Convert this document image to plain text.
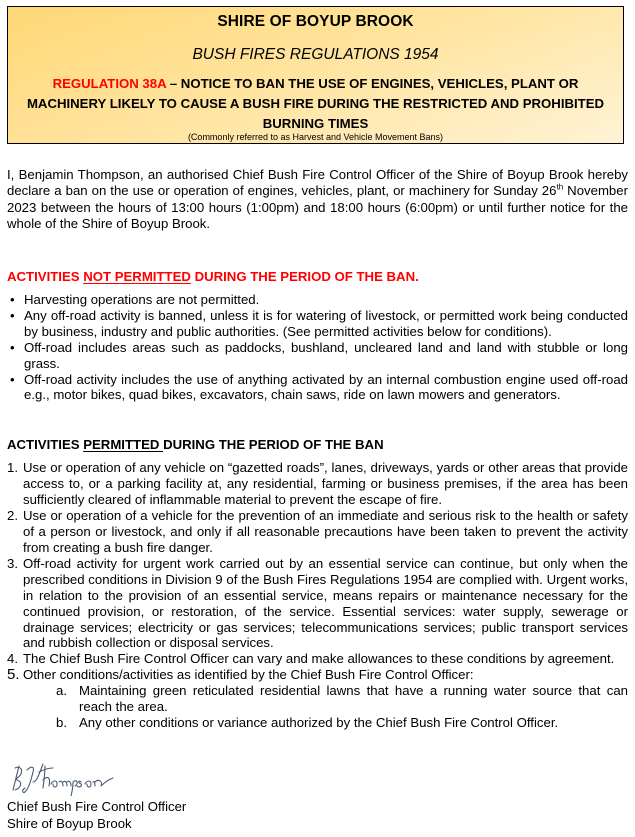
SHIRE OF BOYUP BROOK
BUSH FIRES REGULATIONS 1954
REGULATION 38A – NOTICE TO BAN THE USE OF ENGINES, VEHICLES, PLANT OR MACHINERY LIKELY TO CAUSE A BUSH FIRE DURING THE RESTRICTED AND PROHIBITED BURNING TIMES
(Commonly referred to as Harvest and Vehicle Movement Bans)
I, Benjamin Thompson, an authorised Chief Bush Fire Control Officer of the Shire of Boyup Brook hereby declare a ban on the use or operation of engines, vehicles, plant, or machinery for Sunday 26th November 2023 between the hours of 13:00 hours (1:00pm) and 18:00 hours (6:00pm) or until further notice for the whole of the Shire of Boyup Brook.
ACTIVITIES NOT PERMITTED DURING THE PERIOD OF THE BAN.
• Harvesting operations are not permitted.
• Any off-road activity is banned, unless it is for watering of livestock, or permitted work being conducted by business, industry and public authorities. (See permitted activities below for conditions).
• Off-road includes areas such as paddocks, bushland, uncleared land and land with stubble or long grass.
• Off-road activity includes the use of anything activated by an internal combustion engine used off-road e.g., motor bikes, quad bikes, excavators, chain saws, ride on lawn mowers and generators.
ACTIVITIES PERMITTED DURING THE PERIOD OF THE BAN
1. Use or operation of any vehicle on “gazetted roads”, lanes, driveways, yards or other areas that provide access to, or a parking facility at, any residential, farming or business premises, if the area has been sufficiently cleared of inflammable material to prevent the escape of fire.
2. Use or operation of a vehicle for the prevention of an immediate and serious risk to the health or safety of a person or livestock, and only if all reasonable precautions have been taken to prevent the activity from creating a bush fire danger.
3. Off-road activity for urgent work carried out by an essential service can continue, but only when the prescribed conditions in Division 9 of the Bush Fires Regulations 1954 are complied with. Urgent works, in relation to the provision of an essential service, means repairs or maintenance necessary for the continued provision, or restoration, of the service. Essential services: water supply, sewerage or drainage services; electricity or gas services; telecommunications services; public transport services and rubbish collection or disposal services.
4. The Chief Bush Fire Control Officer can vary and make allowances to these conditions by agreement.
5. Other conditions/activities as identified by the Chief Bush Fire Control Officer:
a. Maintaining green reticulated residential lawns that have a running water source that can reach the area.
b. Any other conditions or variance authorized by the Chief Bush Fire Control Officer.
Chief Bush Fire Control Officer
Shire of Boyup Brook
